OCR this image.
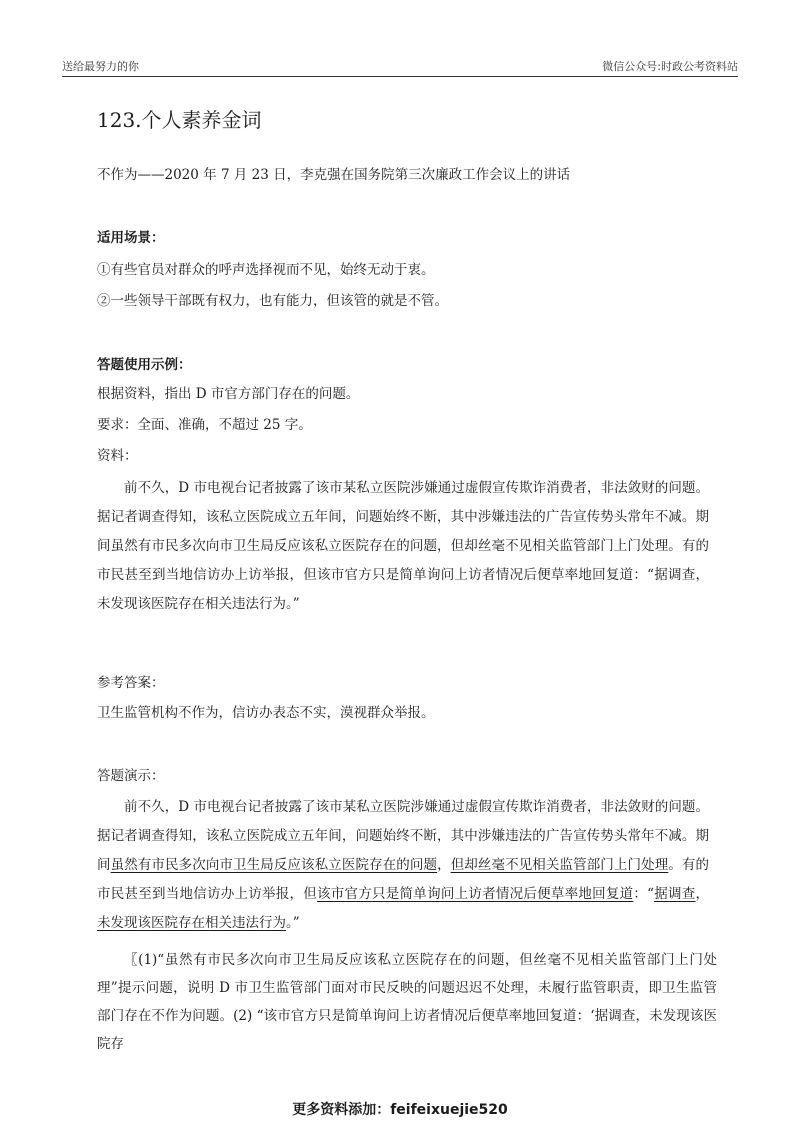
送给最努力的你	微信公众号:时政公考资料站
123.个人素养金词
不作为——2020 年 7 月 23 日，李克强在国务院第三次廉政工作会议上的讲话
适用场景：
①有些官员对群众的呼声选择视而不见，始终无动于衷。
②一些领导干部既有权力，也有能力，但该管的就是不管。
答题使用示例：
根据资料，指出 D 市官方部门存在的问题。
要求：全面、准确，不超过 25 字。
资料：
前不久，D 市电视台记者披露了该市某私立医院涉嫌通过虚假宣传欺诈消费者，非法敛财的问题。据记者调查得知，该私立医院成立五年间，问题始终不断，其中涉嫌违法的广告宣传势头常年不减。期间虽然有市民多次向市卫生局反应该私立医院存在的问题，但却丝毫不见相关监管部门上门处理。有的市民甚至到当地信访办上访举报，但该市官方只是简单询问上访者情况后便草率地回复道：“据调查，未发现该医院存在相关违法行为。”
参考答案：
卫生监管机构不作为，信访办表态不实，漠视群众举报。
答题演示：
前不久，D 市电视台记者披露了该市某私立医院涉嫌通过虚假宣传欺诈消费者，非法敛财的问题。据记者调查得知，该私立医院成立五年间，问题始终不断，其中涉嫌违法的广告宣传势头常年不减。期间虽然有市民多次向市卫生局反应该私立医院存在的问题，但却丝毫不见相关监管部门上门处理。有的市民甚至到当地信访办上访举报，但该市官方只是简单询问上访者情况后便草率地回复道：“据调查，未发现该医院存在相关违法行为。”
〖(1)“虽然有市民多次向市卫生局反应该私立医院存在的问题，但丝毫不见相关监管部门上门处理”提示问题，说明 D 市卫生监管部门面对市民反映的问题迟迟不处理，未履行监管职责，即卫生监管部门存在不作为问题。(2) “该市官方只是简单询问上访者情况后便草率地回复道：‘据调查，未发现该医院存
更多资料添加：feifeixuejie520
